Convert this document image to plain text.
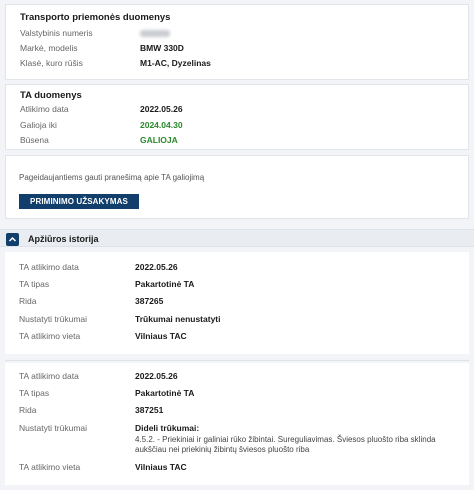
Transporto priemonės duomenys
Valstybinis numeris
Markė, modelis	BMW 330D
Klasė, kuro rūšis	M1-AC, Dyzelinas
TA duomenys
Atlikimo data	2022.05.26
Galioja iki	2024.04.30
Būsena	GALIOJA
Pageidaujantiems gauti pranešimą apie TA galiojimą
PRIMINIMO UŽSAKYMAS
Apžiūros istorija
TA atlikimo data	2022.05.26
TA tipas	Pakartotinė TA
Rida	387265
Nustatyti trūkumai	Trūkumai nenustatyti
TA atlikimo vieta	Vilniaus TAC
TA atlikimo data	2022.05.26
TA tipas	Pakartotinė TA
Rida	387251
Nustatyti trūkumai	Dideli trūkumai:
4.5.2. - Priekiniai ir galiniai rūko žibintai. Sureguliavimas. Šviesos pluošto riba sklinda aukščiau nei priekinių žibintų šviesos pluošto riba
TA atlikimo vieta	Vilniaus TAC
